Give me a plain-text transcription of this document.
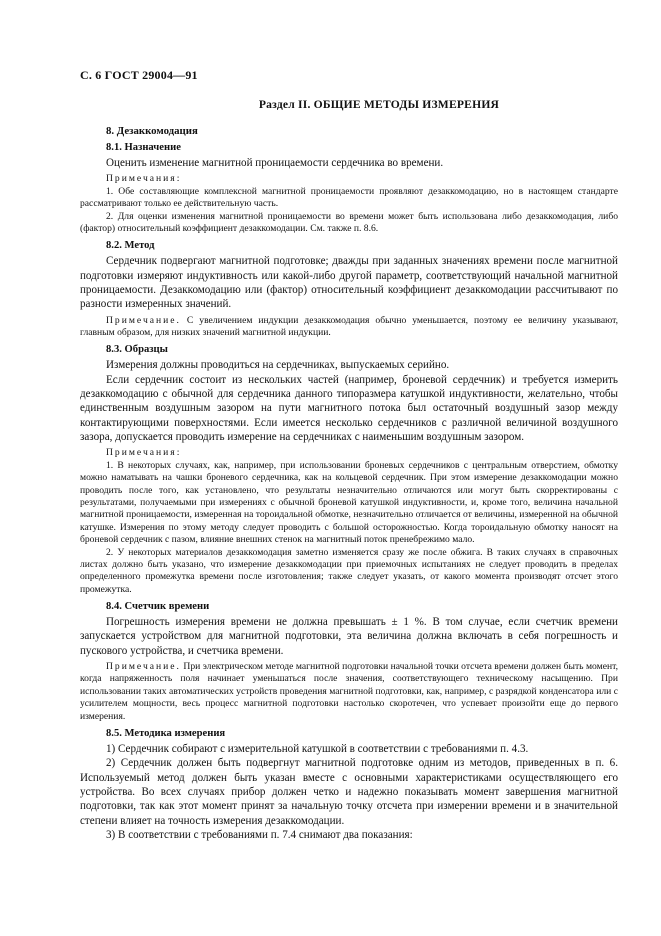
С. 6 ГОСТ 29004—91
Раздел II. ОБЩИЕ МЕТОДЫ ИЗМЕРЕНИЯ
8. Дезаккомодация
8.1. Назначение

Оценить изменение магнитной проницаемости сердечника во времени.

Примечания:

1. Обе составляющие комплексной магнитной проницаемости проявляют дезаккомодацию, но в настоящем стандарте рассматривают только ее действительную часть.

2. Для оценки изменения магнитной проницаемости во времени может быть использована либо дезаккомодация, либо (фактор) относительный коэффициент дезаккомодации. См. также п. 8.6.

8.2. Метод

Сердечник подвергают магнитной подготовке; дважды при заданных значениях времени после магнитной подготовки измеряют индуктивность или какой-либо другой параметр, соответствующий начальной магнитной проницаемости. Дезаккомодацию или (фактор) относительный коэффициент дезаккомодации рассчитывают по разности измеренных значений.

Примечание. С увеличением индукции дезаккомодация обычно уменьшается, поэтому ее величину указывают, главным образом, для низких значений магнитной индукции.

8.3. Образцы

Измерения должны проводиться на сердечниках, выпускаемых серийно.

Если сердечник состоит из нескольких частей (например, броневой сердечник) и требуется измерить дезаккомодацию с обычной для сердечника данного типоразмера катушкой индуктивности, желательно, чтобы единственным воздушным зазором на пути магнитного потока был остаточный воздушный зазор между контактирующими поверхностями. Если имеется несколько сердечников с различной величиной воздушного зазора, допускается проводить измерение на сердечниках с наименьшим воздушным зазором.

Примечания:

1. В некоторых случаях, как, например, при использовании броневых сердечников с центральным отверстием, обмотку можно наматывать на чашки броневого сердечника, как на кольцевой сердечник. При этом измерение дезаккомодации можно проводить после того, как установлено, что результаты незначительно отличаются или могут быть скорректированы с результатами, получаемыми при измерениях с обычной броневой катушкой индуктивности, и, кроме того, величина начальной магнитной проницаемости, измеренная на тороидальной обмотке, незначительно отличается от величины, измеренной на обычной катушке. Измерения по этому методу следует проводить с большой осторожностью. Когда тороидальную обмотку наносят на броневой сердечник с пазом, влияние внешних стенок на магнитный поток пренебрежимо мало.

2. У некоторых материалов дезаккомодация заметно изменяется сразу же после обжига. В таких случаях в справочных листах должно быть указано, что измерение дезаккомодации при приемочных испытаниях не следует проводить в пределах определенного промежутка времени после изготовления; также следует указать, от какого момента производят отсчет этого промежутка.

8.4. Счетчик времени

Погрешность измерения времени не должна превышать ± 1 %. В том случае, если счетчик времени запускается устройством для магнитной подготовки, эта величина должна включать в себя погрешность и пускового устройства, и счетчика времени.

Примечание. При электрическом методе магнитной подготовки начальной точки отсчета времени должен быть момент, когда напряженность поля начинает уменьшаться после значения, соответствующего техническому насыщению. При использовании таких автоматических устройств проведения магнитной подготовки, как, например, с разрядкой конденсатора или с усилителем мощности, весь процесс магнитной подготовки настолько скоротечен, что успевает произойти еще до первого измерения.

8.5. Методика измерения

1) Сердечник собирают с измерительной катушкой в соответствии с требованиями п. 4.3.

2) Сердечник должен быть подвергнут магнитной подготовке одним из методов, приведенных в п. 6. Используемый метод должен быть указан вместе с основными характеристиками осуществляющего его устройства. Во всех случаях прибор должен четко и надежно показывать момент завершения магнитной подготовки, так как этот момент принят за начальную точку отсчета при измерении времени и в значительной степени влияет на точность измерения дезаккомодации.

3) В соответствии с требованиями п. 7.4 снимают два показания:
